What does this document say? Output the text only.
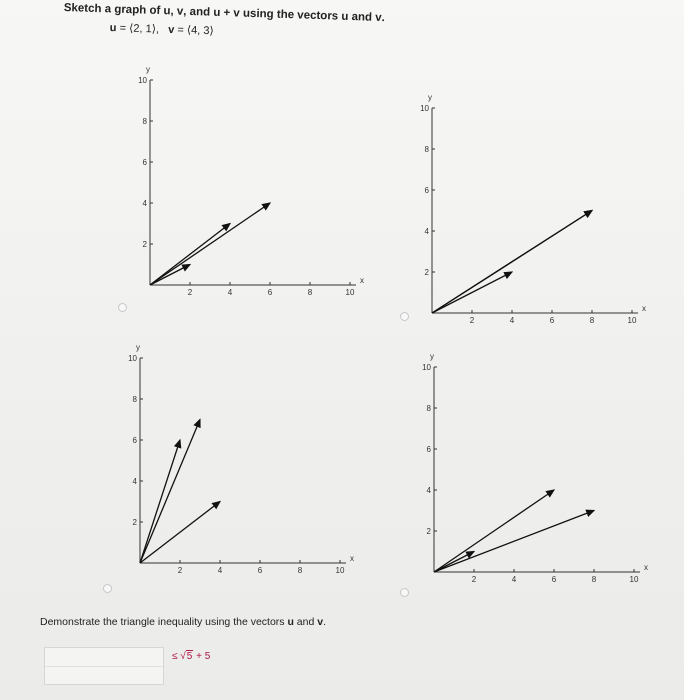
Sketch a graph of u, v, and u + v using the vectors u and v.
u = ⟨2, 1⟩, v = ⟨4, 3⟩
2	4	6	8	10
2
4
6
8
10
x
y
2	4	6	8	10
2
4
6
8
10
x
y
2	4	6	8	10
2
4
6
8
10
x
y
2	4	6	8	10
2
4
6
8
10
x
y
Demonstrate the triangle inequality using the vectors u and v.
≤ √5 + 5
